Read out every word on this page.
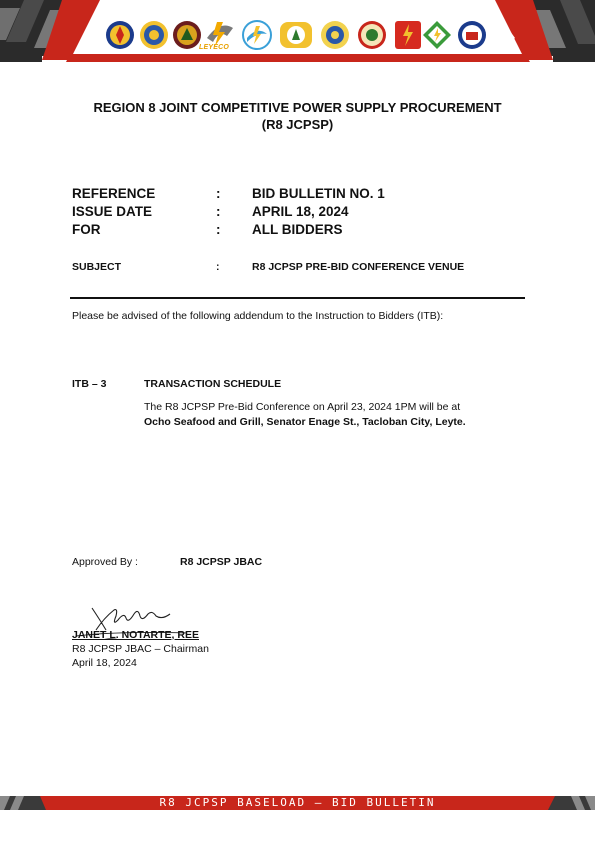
LEYECO
REGION 8 JOINT COMPETITIVE POWER SUPPLY PROCUREMENT
(R8 JCPSP)
REFERENCE	: BID BULLETIN NO. 1
ISSUE DATE	: APRIL 18, 2024
FOR	: ALL BIDDERS
SUBJECT	:	R8 JCPSP PRE-BID CONFERENCE VENUE
Please be advised of the following addendum to the Instruction to Bidders (ITB):
ITB – 3	TRANSACTION SCHEDULE
The R8 JCPSP Pre-Bid Conference on April 23, 2024 1PM will be at
Ocho Seafood and Grill, Senator Enage St., Tacloban City, Leyte.
Approved By :	R8 JCPSP JBAC
JANET L. NOTARTE, REE
R8 JCPSP JBAC – Chairman
April 18, 2024
R8 JCPSP BASELOAD – BID BULLETIN
